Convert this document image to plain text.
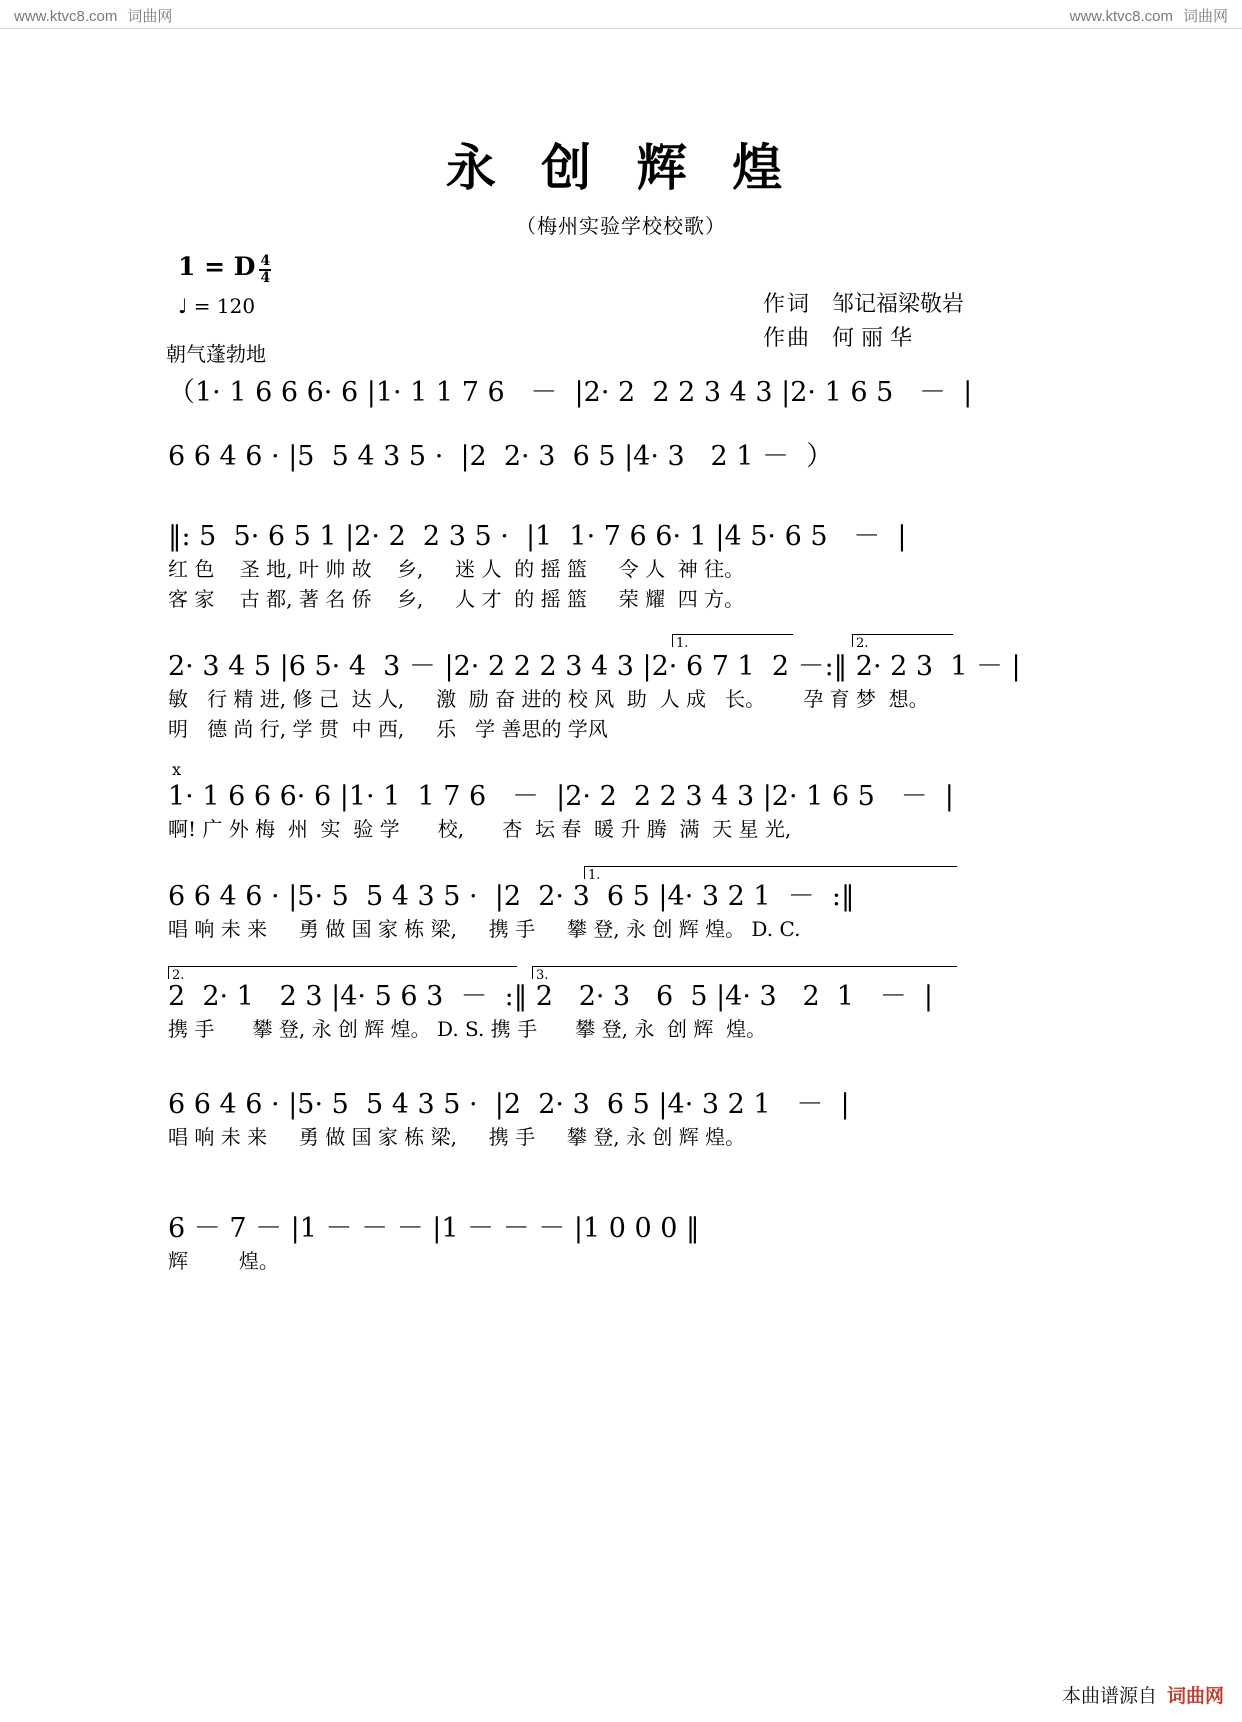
www.ktvc8.com 词曲网	www.ktvc8.com 词曲网
永 创 辉 煌
（梅州实验学校校歌）
1 = D $\frac{4}{4}$
♩ = 120
朝气蓬勃地
作词 邹记福梁敬岩
作曲 何 丽 华
（1· 1 6 6 6· 6 |1· 1 1 7 6   －  |2· 2  2 2 3 4 3 |2· 1 6 5   －  |
6 6 4 6 · |5  5 4 3 5 ·  |2  2· 3  6 5 |4· 3   2 1 －  ）
‖: 5  5· 6 5 1 |2· 2  2 3 5 ·  |1  1· 7 6 6· 1 |4 5· 6 5   －  |
红 色    圣 地, 叶 帅 故    乡,     迷 人  的 摇 篮     令 人  神 往。
客 家    古 都, 著 名 侨    乡,     人 才  的 摇 篮     荣 耀  四 方。
2· 3 4 5 |6 5· 4  3 － |2· 2 2 2 3 4 3 |2· 6 7 1  2 －:‖ 2· 2 3  1 － |
敏   行 精 进, 修 己  达 人,     激  励 奋 进的 校 风  助  人 成   长。      孕 育 梦  想。
明   德 尚 行, 学 贯  中 西,     乐   学 善思的 学风
1.	2.
x
1· 1 6 6 6· 6 |1· 1  1 7 6   －  |2· 2  2 2 3 4 3 |2· 1 6 5   －  |
啊! 广 外 梅  州  实  验 学      校,      杏  坛 春  暖 升 腾  满  天 星 光,
6 6 4 6 · |5· 5  5 4 3 5 ·  |2  2· 3  6 5 |4· 3 2 1  －  :‖
唱 响 未 来     勇 做 国 家 栋 梁,     携 手     攀 登, 永 创 辉 煌。 D. C.
1.
2  2· 1   2 3 |4· 5 6 3  －  :‖ 2   2· 3   6  5 |4· 3   2  1   －  |
携 手      攀 登, 永 创 辉 煌。 D. S. 携 手      攀 登, 永  创 辉  煌。
2.	3.
6 6 4 6 · |5· 5  5 4 3 5 ·  |2  2· 3  6 5 |4· 3 2 1   －  |
唱 响 未 来     勇 做 国 家 栋 梁,     携 手     攀 登, 永 创 辉 煌。
6 － 7 － |1 － － － |1 － － － |1 0 0 0 ‖
辉        煌。
本曲谱源自 词曲网
